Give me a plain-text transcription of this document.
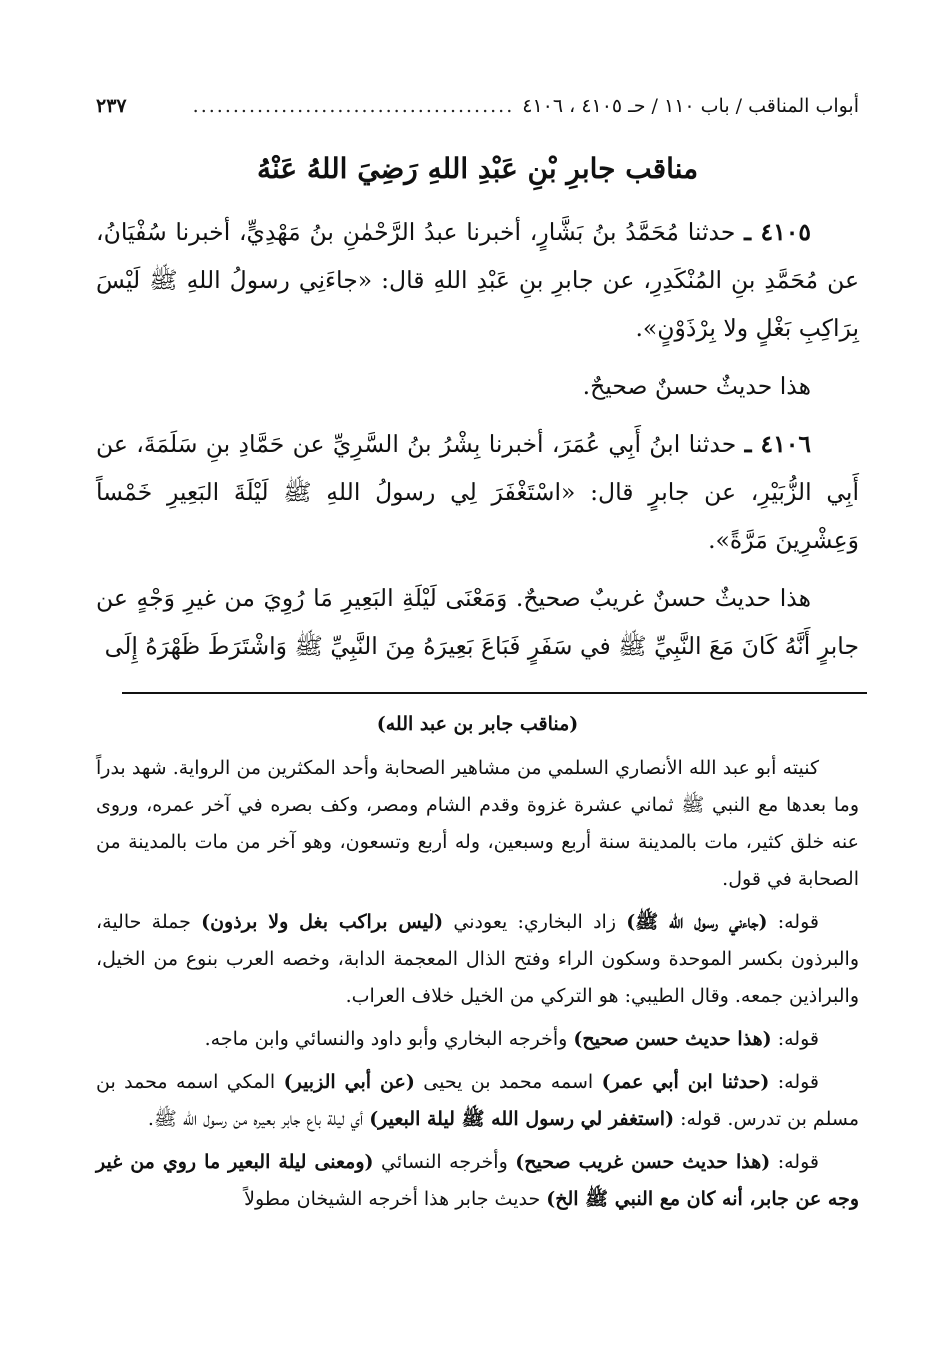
أبواب المناقب / باب ١١٠ / حـ ٤١٠٥ ، ٤١٠٦
........................................
٢٣٧
مناقب جابرِ بْنِ عَبْدِ اللهِ رَضِيَ اللهُ عَنْهُ

٤١٠٥ ـ حدثنا مُحَمَّدُ بنُ بَشَّارٍ، أخبرنا عبدُ الرَّحْمٰنِ بنُ مَهْدِيٍّ، أخبرنا سُفْيَانُ، عن مُحَمَّدِ بنِ المُنْكَدِرِ، عن جابرِ بنِ عَبْدِ اللهِ قال: «جاءَنِي رسولُ اللهِ ﷺ لَيْسَ بِرَاكِبِ بَغْلٍ ولا بِرْذَوْنٍ».

هذا حديثٌ حسنٌ صحيحٌ.

٤١٠٦ ـ حدثنا ابنُ أَبِي عُمَرَ، أخبرنا بِشْرُ بنُ السَّرِيِّ عن حَمَّادِ بنِ سَلَمَةَ، عن أَبِي الزُّبَيْرِ، عن جابرٍ قال: «اسْتَغْفَرَ لِي رسولُ اللهِ ﷺ لَيْلَةَ البَعِيرِ خَمْساً وَعِشْرِينَ مَرَّةً».

هذا حديثٌ حسنٌ غريبٌ صحيحٌ. وَمَعْنَى لَيْلَةِ البَعِيرِ مَا رُوِيَ من غيرِ وَجْهٍ عن جابرٍ أَنَّهُ كَانَ مَعَ النَّبِيِّ ﷺ في سَفَرٍ فَبَاعَ بَعِيرَهُ مِنَ النَّبِيِّ ﷺ وَاشْتَرَطَ ظَهْرَهُ إِلَى

(مناقب جابر بن عبد الله)

كنيته أبو عبد الله الأنصاري السلمي من مشاهير الصحابة وأحد المكثرين من الرواية. شهد بدراً وما بعدها مع النبي ﷺ ثماني عشرة غزوة وقدم الشام ومصر، وكف بصره في آخر عمره، وروى عنه خلق كثير، مات بالمدينة سنة أربع وسبعين، وله أربع وتسعون، وهو آخر من مات بالمدينة من الصحابة في قول.

قوله: (جاءني رسول الله ﷺ) زاد البخاري: يعودني (ليس براكب بغل ولا برذون) جملة حالية، والبرذون بكسر الموحدة وسكون الراء وفتح الذال المعجمة الدابة، وخصه العرب بنوع من الخيل، والبراذين جمعه. وقال الطيبي: هو التركي من الخيل خلاف العراب.

قوله: (هذا حديث حسن صحيح) وأخرجه البخاري وأبو داود والنسائي وابن ماجه.

قوله: (حدثنا ابن أبي عمر) اسمه محمد بن يحيى (عن أبي الزبير) المكي اسمه محمد بن مسلم بن تدرس. قوله: (استغفر لي رسول الله ﷺ ليلة البعير) أي ليلة باع جابر بعيره من رسول الله ﷺ.

قوله: (هذا حديث حسن غريب صحيح) وأخرجه النسائي (ومعنى ليلة البعير ما روي من غير وجه عن جابر، أنه كان مع النبي ﷺ الخ) حديث جابر هذا أخرجه الشيخان مطولاً
